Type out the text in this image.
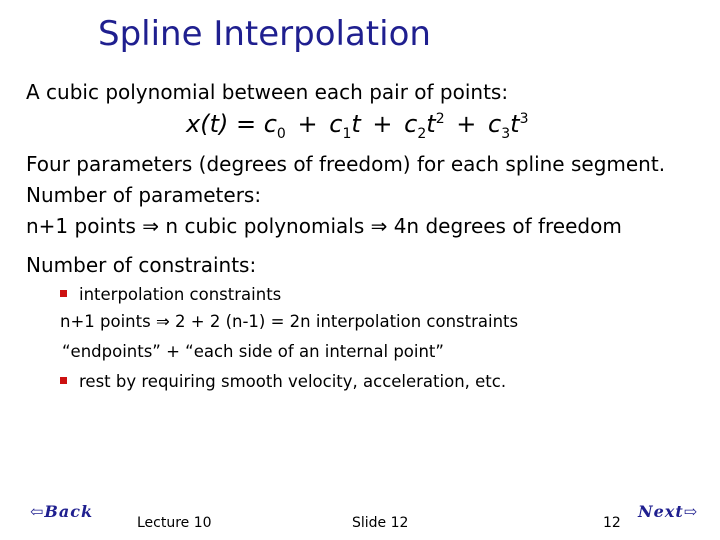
Spline Interpolation
A cubic polynomial between each pair of points:
$x(t) = c_0 + c_1t + c_2t^2 + c_3t^3$
Four parameters (degrees of freedom) for each spline segment.
Number of parameters:
n+1 points ⇒ n cubic polynomials ⇒ 4n degrees of freedom
Number of constraints:
interpolation constraints
n+1 points ⇒ 2 + 2 (n-1) = 2n interpolation constraints
“endpoints” + “each side of an internal point”
rest by requiring smooth velocity, acceleration, etc.
⇦Back
Lecture 10	Slide 12	12
Next⇨
